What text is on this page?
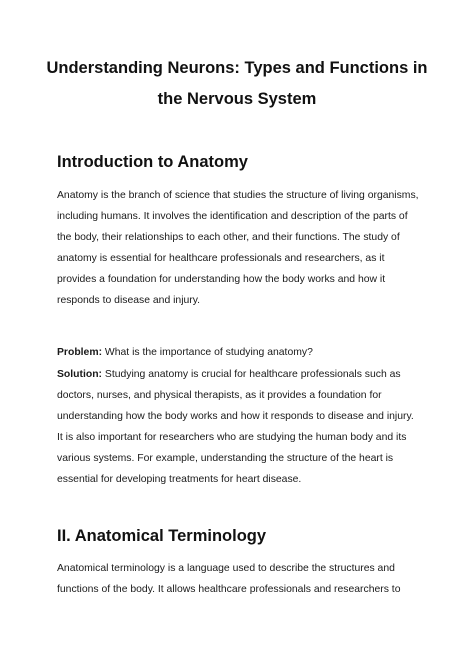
Understanding Neurons: Types and Functions in
the Nervous System
Introduction to Anatomy

Anatomy is the branch of science that studies the structure of living organisms,
including humans. It involves the identification and description of the parts of
the body, their relationships to each other, and their functions. The study of
anatomy is essential for healthcare professionals and researchers, as it
provides a foundation for understanding how the body works and how it
responds to disease and injury.

Problem: What is the importance of studying anatomy?

Solution: Studying anatomy is crucial for healthcare professionals such as
doctors, nurses, and physical therapists, as it provides a foundation for
understanding how the body works and how it responds to disease and injury.
It is also important for researchers who are studying the human body and its
various systems. For example, understanding the structure of the heart is
essential for developing treatments for heart disease.

II. Anatomical Terminology

Anatomical terminology is a language used to describe the structures and
functions of the body. It allows healthcare professionals and researchers to
